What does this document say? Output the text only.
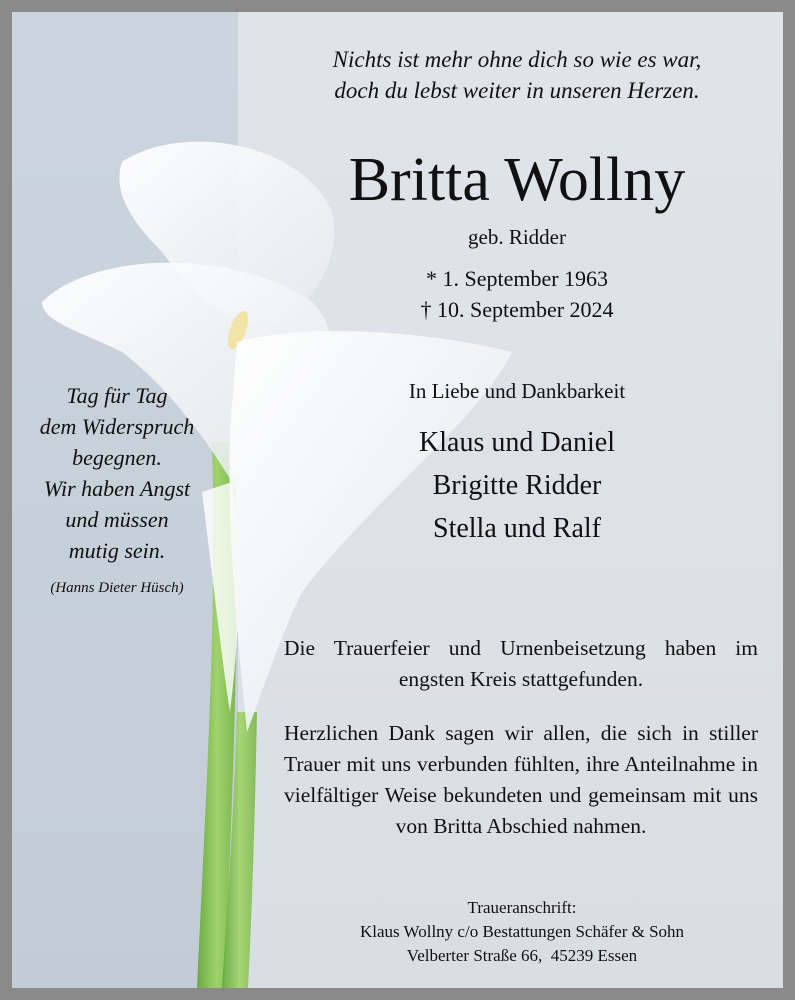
Nichts ist mehr ohne dich so wie es war,
doch du lebst weiter in unseren Herzen.
Britta Wollny
geb. Ridder
* 1. September 1963
† 10. September 2024
In Liebe und Dankbarkeit
Klaus und Daniel
Brigitte Ridder
Stella und Ralf
Tag für Tag
dem Widerspruch
begegnen.
Wir haben Angst
und müssen
mutig sein.
(Hanns Dieter Hüsch)
Die Trauerfeier und Urnenbeisetzung haben im engsten Kreis stattgefunden.
Herzlichen Dank sagen wir allen, die sich in stiller Trauer mit uns verbunden fühlten, ihre Anteilnahme in vielfältiger Weise bekundeten und gemeinsam mit uns von Britta Abschied nahmen.
Traueranschrift:
Klaus Wollny c/o Bestattungen Schäfer & Sohn
Velberter Straße 66,  45239 Essen
